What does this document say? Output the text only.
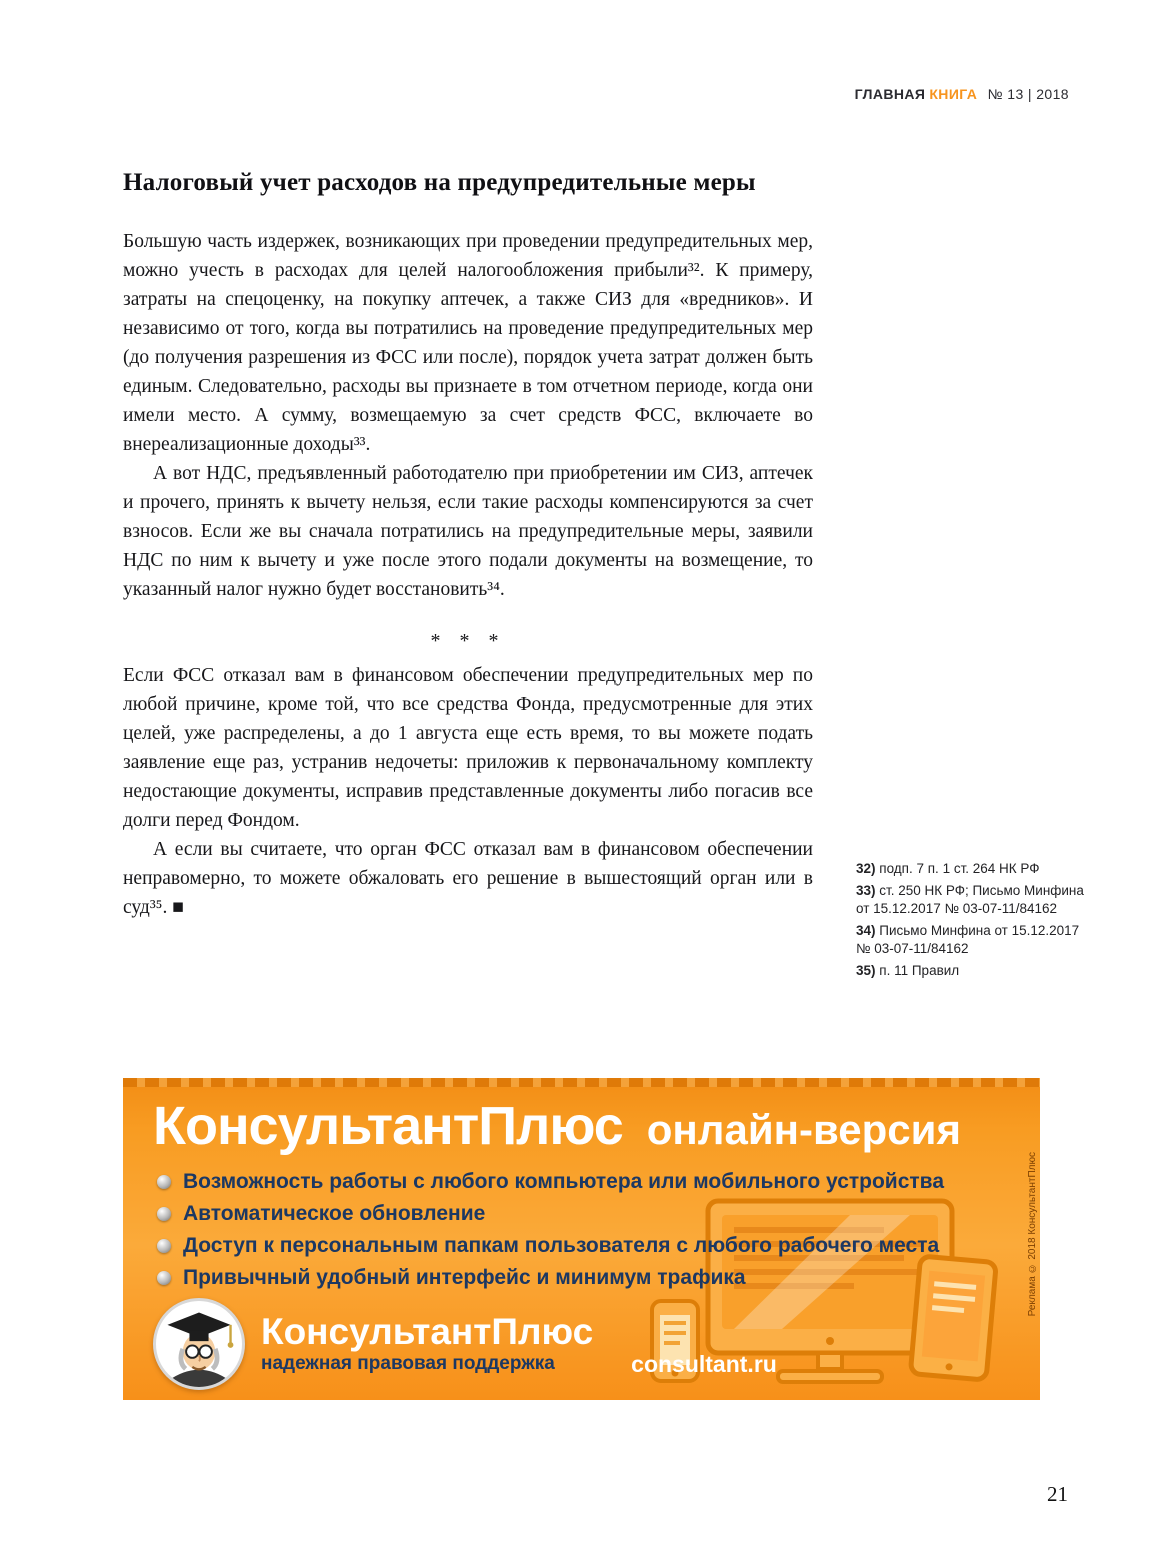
ГЛАВНАЯ КНИГА № 13 | 2018
Налоговый учет расходов на предупредительные меры

Большую часть издержек, возникающих при проведении предупредительных мер, можно учесть в расходах для целей налогообложения прибыли³². К примеру, затраты на спецоценку, на покупку аптечек, а также СИЗ для «вредников». И независимо от того, когда вы потратились на проведение предупредительных мер (до получения разрешения из ФСС или после), порядок учета затрат должен быть единым. Следовательно, расходы вы признаете в том отчетном периоде, когда они имели место. А сумму, возмещаемую за счет средств ФСС, включаете во внереализационные доходы³³.

А вот НДС, предъявленный работодателю при приобретении им СИЗ, аптечек и прочего, принять к вычету нельзя, если такие расходы компенсируются за счет взносов. Если же вы сначала потратились на предупредительные меры, заявили НДС по ним к вычету и уже после этого подали документы на возмещение, то указанный налог нужно будет восстановить³⁴.

* * *

Если ФСС отказал вам в финансовом обеспечении предупредительных мер по любой причине, кроме той, что все средства Фонда, предусмотренные для этих целей, уже распределены, а до 1 августа еще есть время, то вы можете подать заявление еще раз, устранив недочеты: приложив к первоначальному комплекту недостающие документы, исправив представленные документы либо погасив все долги перед Фондом.

А если вы считаете, что орган ФСС отказал вам в финансовом обеспечении неправомерно, то можете обжаловать его решение в вышестоящий орган или в суд³⁵. ■

32) подп. 7 п. 1 ст. 264 НК РФ
33) ст. 250 НК РФ; Письмо Минфина от 15.12.2017 № 03-07-11/84162
34) Письмо Минфина от 15.12.2017 № 03-07-11/84162
35) п. 11 Правил
КонсультантПлюс онлайн-версия
Возможность работы с любого компьютера или мобильного устройства
Автоматическое обновление
Доступ к персональным папкам пользователя с любого рабочего места
Привычный удобный интерфейс и минимум трафика
КонсультантПлюс
надежная правовая поддержка	consultant.ru
Реклама © 2018 КонсультантПлюс
21
